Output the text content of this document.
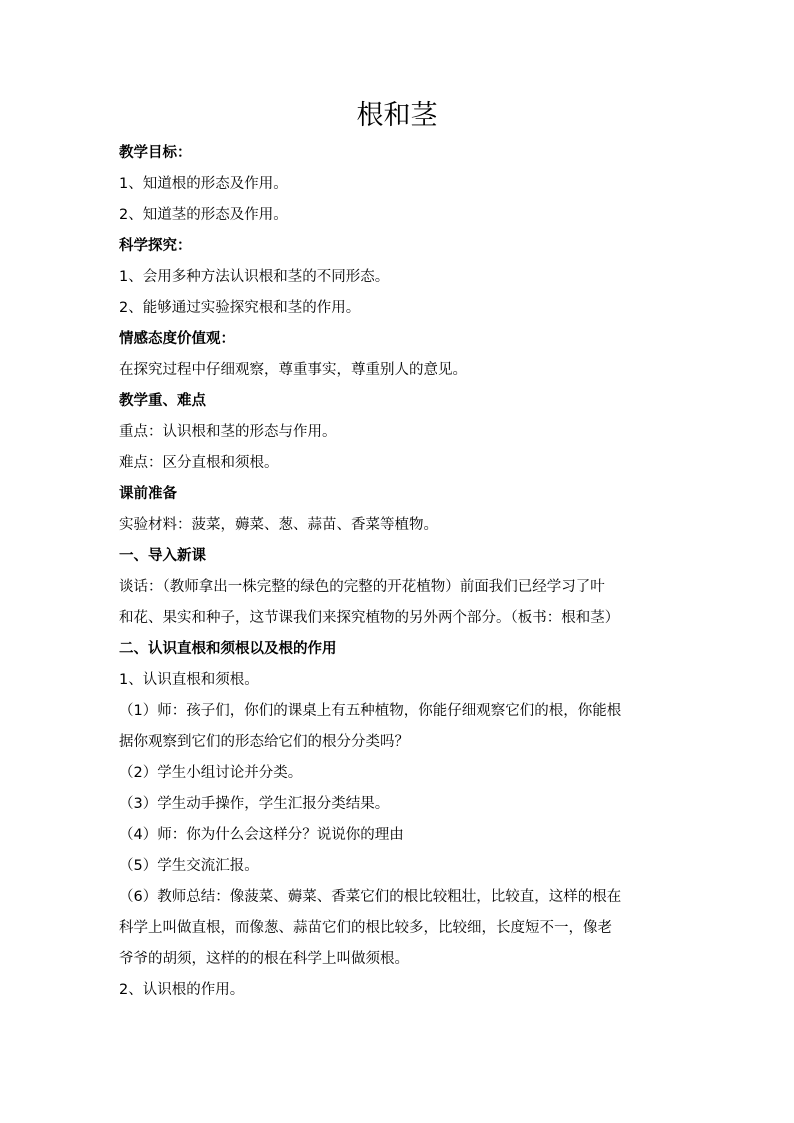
根和茎
教学目标：
1、知道根的形态及作用。
2、知道茎的形态及作用。
科学探究：
1、会用多种方法认识根和茎的不同形态。
2、能够通过实验探究根和茎的作用。
情感态度价值观：
在探究过程中仔细观察，尊重事实，尊重别人的意见。
教学重、难点
重点：认识根和茎的形态与作用。
难点：区分直根和须根。
课前准备
实验材料：菠菜，薅菜、葱、蒜苗、香菜等植物。
一、导入新课
谈话：（教师拿出一株完整的绿色的完整的开花植物）前面我们已经学习了叶
和花、果实和种子，这节课我们来探究植物的另外两个部分。（板书：根和茎）
二、认识直根和须根以及根的作用
1、认识直根和须根。
（1）师：孩子们，你们的课桌上有五种植物，你能仔细观察它们的根，你能根
据你观察到它们的形态给它们的根分分类吗？
（2）学生小组讨论并分类。
（3）学生动手操作，学生汇报分类结果。
（4）师：你为什么会这样分？说说你的理由
（5）学生交流汇报。
（6）教师总结：像菠菜、薅菜、香菜它们的根比较粗壮，比较直，这样的根在
科学上叫做直根，而像葱、蒜苗它们的根比较多，比较细，长度短不一，像老
爷爷的胡须，这样的的根在科学上叫做须根。
2、认识根的作用。
